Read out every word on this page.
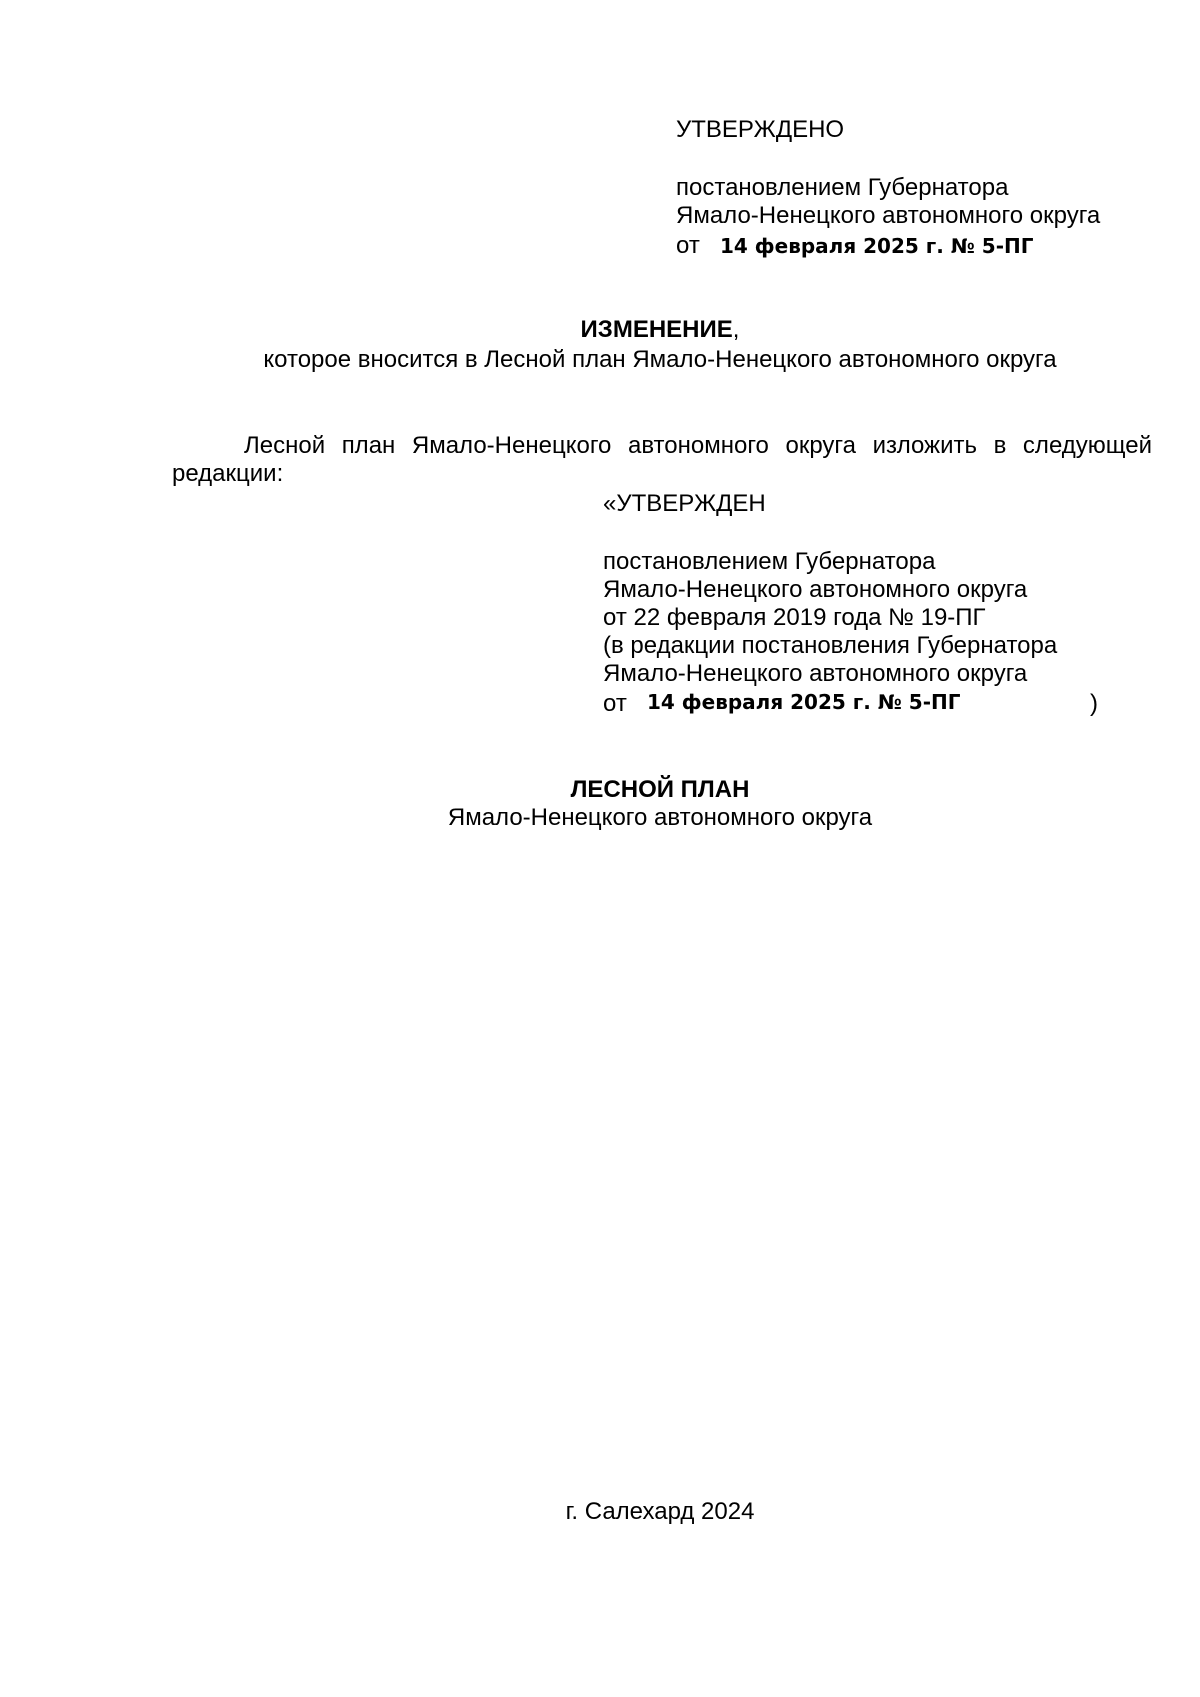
УТВЕРЖДЕНО
постановлением Губернатора
Ямало-Ненецкого автономного округа
от 14 февраля 2025 г. № 5-ПГ
ИЗМЕНЕНИЕ,
которое вносится в Лесной план Ямало-Ненецкого автономного округа
Лесной план Ямало-Ненецкого автономного округа изложить в следующей редакции:
«УТВЕРЖДЕН
постановлением Губернатора
Ямало-Ненецкого автономного округа
от 22 февраля 2019 года № 19-ПГ
(в редакции постановления Губернатора
Ямало-Ненецкого автономного округа
от 14 февраля 2025 г. № 5-ПГ	)
ЛЕСНОЙ ПЛАН
Ямало-Ненецкого автономного округа
г. Салехард 2024
